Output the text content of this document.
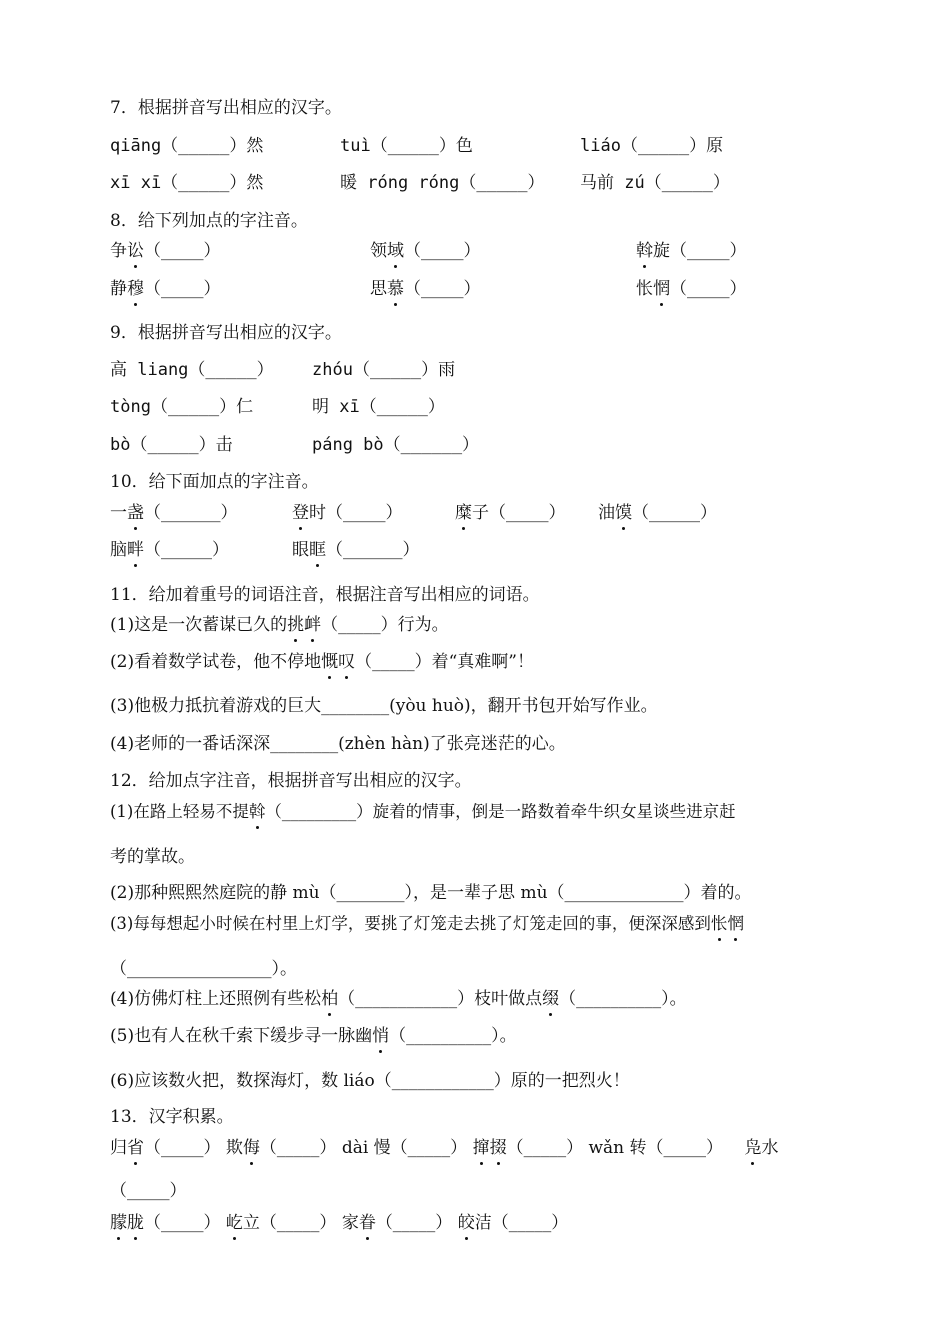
7．根据拼音写出相应的汉字。
qiāng（_____）然	tuì（_____）色	liáo（_____）原
xī xī（_____）然	暖 róng róng（_____） 马前 zú（_____）
8．给下列加点的字注音。
争讼（_____）	领域（_____）	斡旋（_____）
静穆（_____）	思慕（_____）	怅惘（_____）
9．根据拼音写出相应的汉字。
高 liang（_____） zhóu（_____）雨
tòng（_____）仁	明 xī（_____）
bò（_____）击	páng bò（______）
10．给下面加点的字注音。
一盏（_______）	登时（_____）	糜子（_____） 油馍（______）
脑畔（______）	眼眶（_______）
11．给加着重号的词语注音，根据注音写出相应的词语。
(1)这是一次蓄谋已久的挑衅（_____）行为。
(2)看着数学试卷，他不停地慨叹（_____）着“真难啊”！
(3)他极力抵抗着游戏的巨大________(yòu huò)，翻开书包开始写作业。
(4)老师的一番话深深________(zhèn hàn)了张亮迷茫的心。
12．给加点字注音，根据拼音写出相应的汉字。
(1)在路上轻易不提斡（_________）旋着的情事，倒是一路数着牵牛织女星谈些进京赶
考的掌故。
(2)那种熙熙然庭院的静 mù（________），是一辈子思 mù（______________）着的。
(3)每每想起小时候在村里上灯学，要挑了灯笼走去挑了灯笼走回的事，便深深感到怅惘
（_________________）。
(4)仿佛灯柱上还照例有些松柏（____________）枝叶做点缀（__________）。
(5)也有人在秋千索下缓步寻一脉幽悄（__________）。
(6)应该数火把，数探海灯，数 liáo（____________）原的一把烈火！
13．汉字积累。
归省（_____） 欺侮（_____） dài 慢（_____） 撺掇（_____） wǎn 转（_____） 凫水
（_____）
朦胧（_____） 屹立（_____） 家眷（_____） 皎洁（_____）
